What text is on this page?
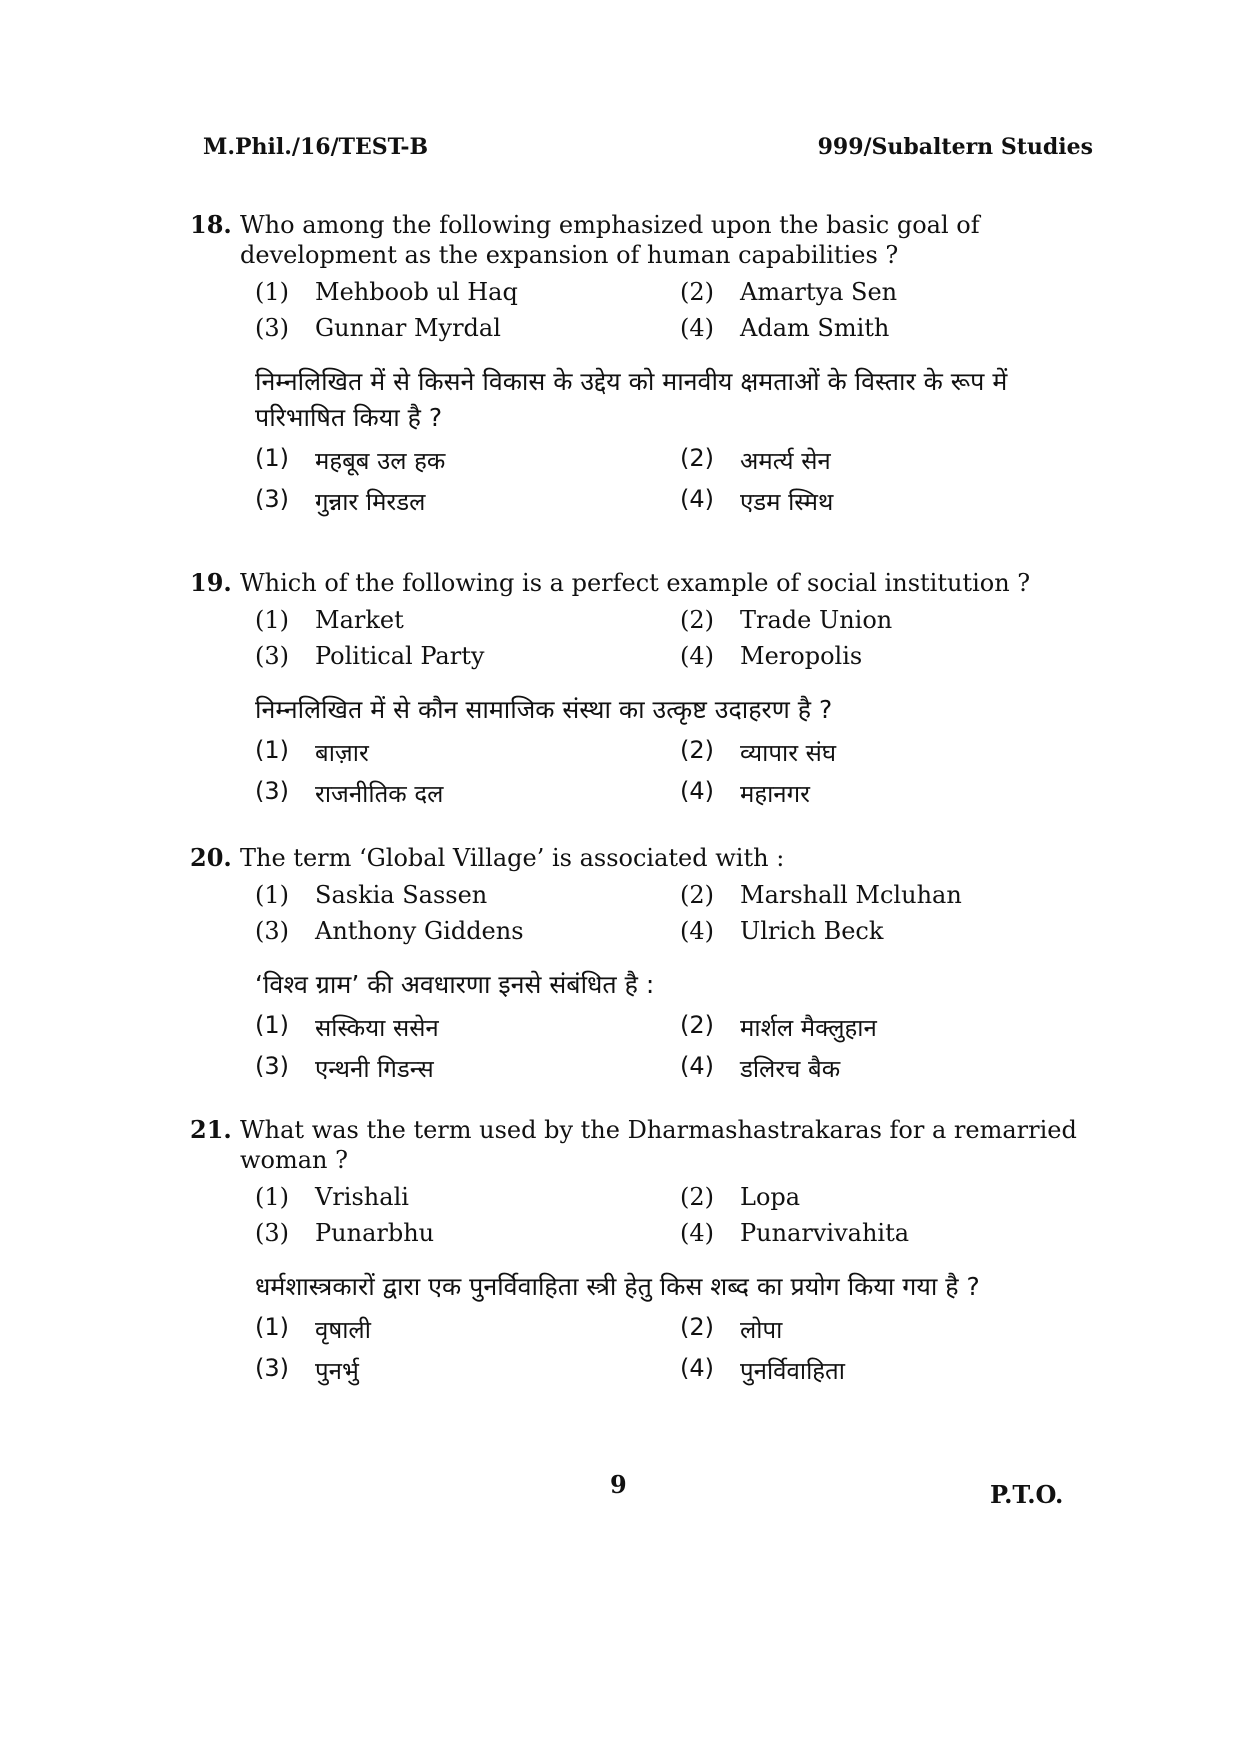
M.Phil./16/TEST-B	999/Subaltern Studies
18. Who among the following emphasized upon the basic goal of development as the expansion of human capabilities ?
(1)	Mehboob ul Haq	(2)	Amartya Sen
(3)	Gunnar Myrdal	(4)	Adam Smith
निम्नलिखित में से किसने विकास के उद्देय को मानवीय क्षमताओं के विस्तार के रूप में परिभाषित किया है ?
(1)	महबूब उल हक	(2)	अमर्त्य सेन
(3)	गुन्नार मिरडल	(4)	एडम स्मिथ
19. Which of the following is a perfect example of social institution ?
(1)	Market	(2)	Trade Union
(3)	Political Party	(4)	Meropolis
निम्नलिखित में से कौन सामाजिक संस्था का उत्कृष्ट उदाहरण है ?
(1)	बाज़ार	(2)	व्यापार संघ
(3)	राजनीतिक दल	(4)	महानगर
20. The term ‘Global Village’ is associated with :
(1)	Saskia Sassen	(2)	Marshall Mcluhan
(3)	Anthony Giddens	(4)	Ulrich Beck
‘विश्व ग्राम’ की अवधारणा इनसे संबंधित है :
(1)	सस्किया ससेन	(2)	मार्शल मैक्लुहान
(3)	एन्थनी गिडन्स	(4)	डलिरच बैक
21. What was the term used by the Dharmashastrakaras for a remarried woman ?
(1)	Vrishali	(2)	Lopa
(3)	Punarbhu	(4)	Punarvivahita
धर्मशास्त्रकारों द्वारा एक पुनर्विवाहिता स्त्री हेतु किस शब्द का प्रयोग किया गया है ?
(1)	वृषाली	(2)	लोपा
(3)	पुनर्भु	(4)	पुनर्विवाहिता
9	P.T.O.
